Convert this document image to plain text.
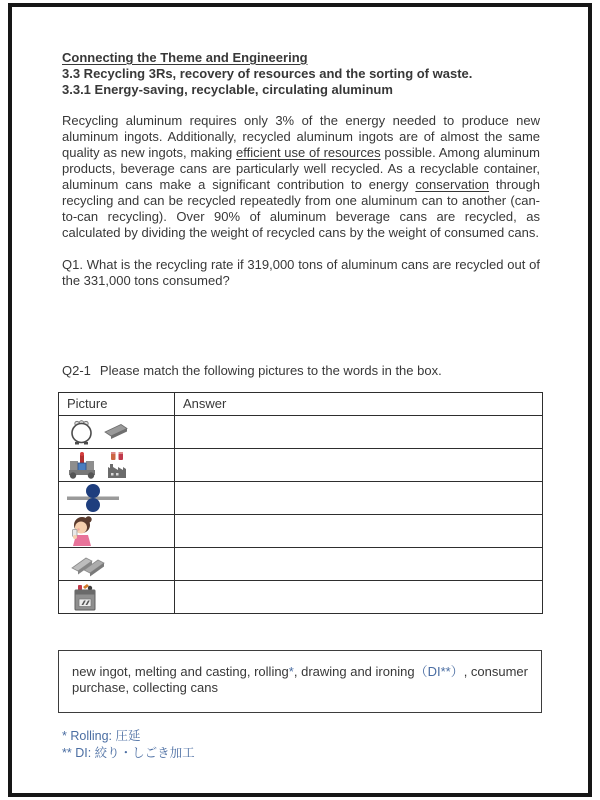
Connecting the Theme and Engineering
3.3 Recycling 3Rs, recovery of resources and the sorting of waste.
3.3.1 Energy-saving, recyclable, circulating aluminum
Recycling aluminum requires only 3% of the energy needed to produce new aluminum ingots. Additionally, recycled aluminum ingots are of almost the same quality as new ingots, making efficient use of resources possible. Among aluminum products, beverage cans are particularly well recycled. As a recyclable container, aluminum cans make a significant contribution to energy conservation through recycling and can be recycled repeatedly from one aluminum can to another (can-to-can recycling). Over 90% of aluminum beverage cans are recycled, as calculated by dividing the weight of recycled cans by the weight of consumed cans.
Q1. What is the recycling rate if 319,000 tons of aluminum cans are recycled out of the 331,000 tons consumed?
Q2-1 Please match the following pictures to the words in the box.
Picture	Answer

new ingot, melting and casting, rolling*, drawing and ironing（DI**）, consumer purchase, collecting cans
* Rolling: 圧延
** DI: 絞り・しごき加工
